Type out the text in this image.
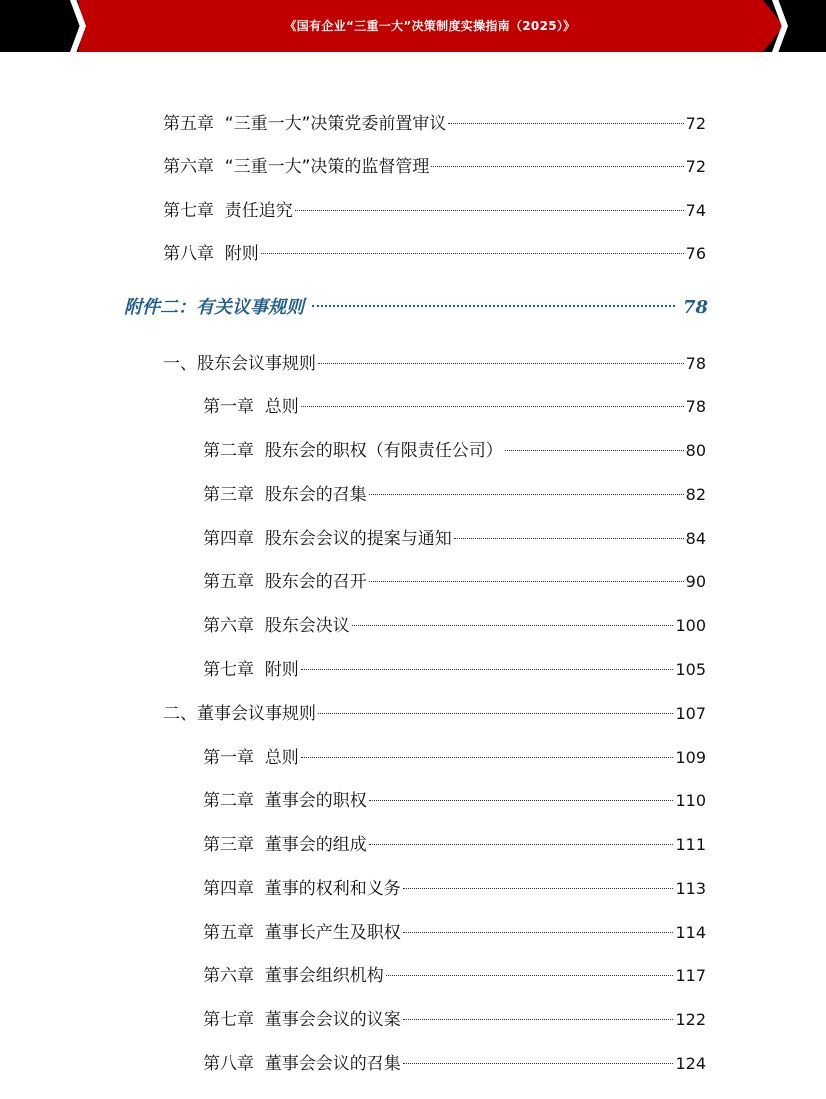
《国有企业“三重一大”决策制度实操指南（2025）》
第五章  “三重一大”决策党委前置审议	72
第六章  “三重一大”决策的监督管理	72
第七章  责任追究	74
第八章  附则	76
附件二：有关议事规则	78
一、股东会议事规则	78
第一章  总则	78
第二章  股东会的职权（有限责任公司）	80
第三章  股东会的召集	82
第四章  股东会会议的提案与通知	84
第五章  股东会的召开	90
第六章  股东会决议	100
第七章  附则	105
二、董事会议事规则	107
第一章  总则	109
第二章  董事会的职权	110
第三章  董事会的组成	111
第四章  董事的权利和义务	113
第五章  董事长产生及职权	114
第六章  董事会组织机构	117
第七章  董事会会议的议案	122
第八章  董事会会议的召集	124
